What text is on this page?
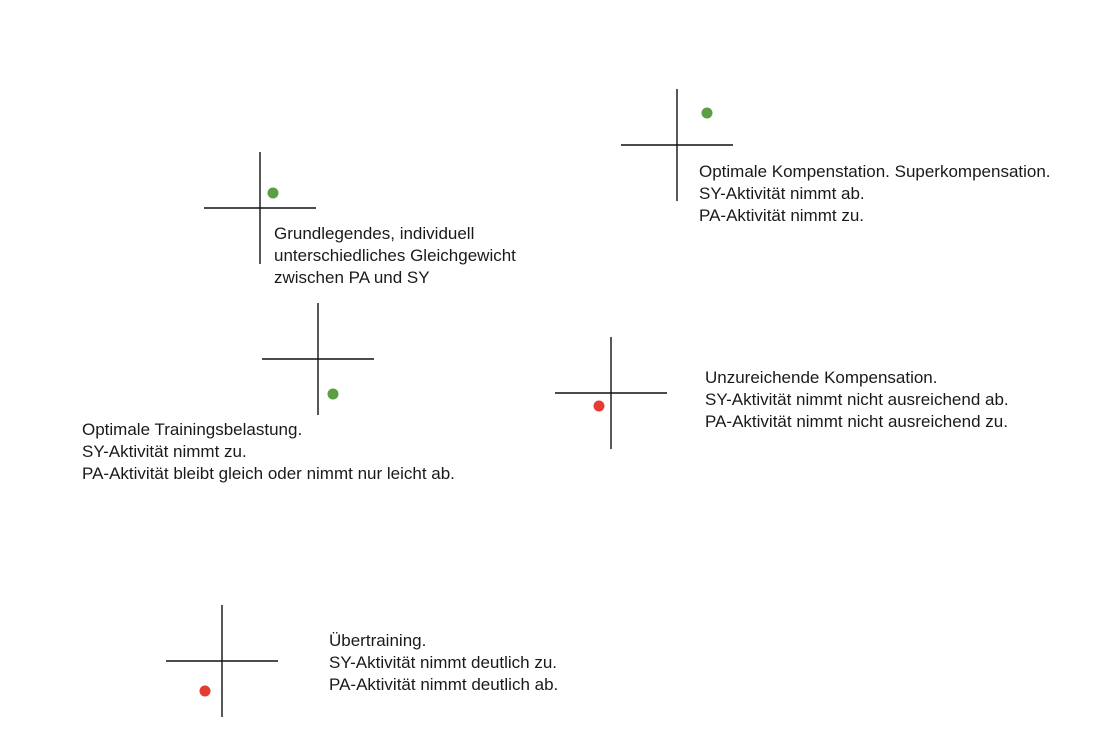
Grundlegendes, individuell
unterschiedliches Gleichgewicht
zwischen PA und SY

Optimale Kompenstation. Superkompensation.
SY-Aktivität nimmt ab.
PA-Aktivität nimmt zu.

Optimale Trainingsbelastung.
SY-Aktivität nimmt zu.
PA-Aktivität bleibt gleich oder nimmt nur leicht ab.

Unzureichende Kompensation.
SY-Aktivität nimmt nicht ausreichend ab.
PA-Aktivität nimmt nicht ausreichend zu.

Übertraining.
SY-Aktivität nimmt deutlich zu.
PA-Aktivität nimmt deutlich ab.
